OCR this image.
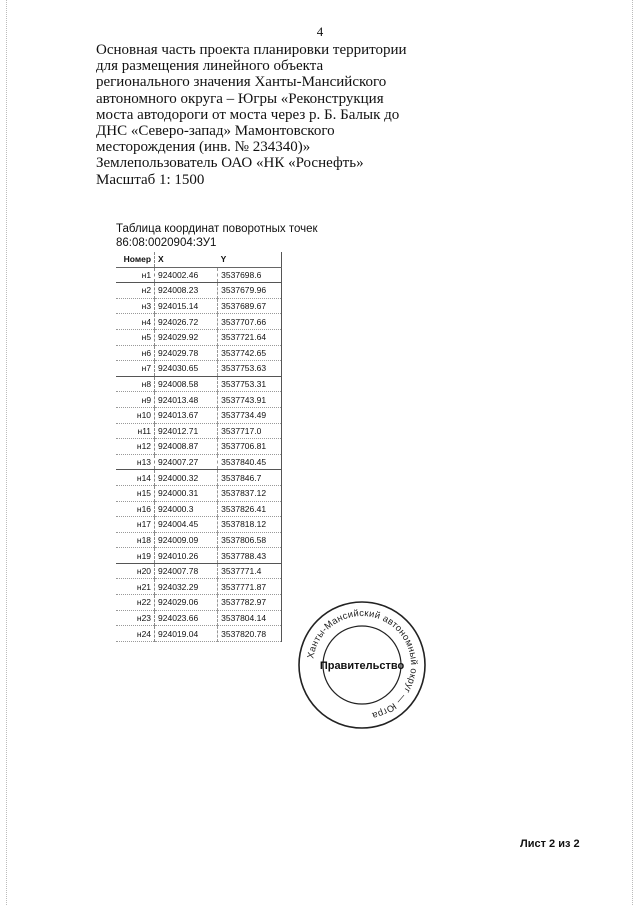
4
Основная часть проекта планировки территории
для размещения линейного объекта
регионального значения Ханты-Мансийского
автономного округа – Югры «Реконструкция
моста автодороги от моста через р. Б. Балык до
ДНС «Северо-запад» Мамонтовского
месторождения (инв. № 234340)»
Землепользователь ОАО «НК «Роснефть»
Масштаб 1: 1500
Таблица координат поворотных точек
86:08:0020904:ЗУ1
Номер	X	Y
н1	924002.46	3537698.6
н2	924008.23	3537679.96
н3	924015.14	3537689.67
н4	924026.72	3537707.66
н5	924029.92	3537721.64
н6	924029.78	3537742.65
н7	924030.65	3537753.63
н8	924008.58	3537753.31
н9	924013.48	3537743.91
н10	924013.67	3537734.49
н11	924012.71	3537717.0
н12	924008.87	3537706.81
н13	924007.27	3537840.45
н14	924000.32	3537846.7
н15	924000.31	3537837.12
н16	924000.3	3537826.41
н17	924004.45	3537818.12
н18	924009.09	3537806.58
н19	924010.26	3537788.43
н20	924007.78	3537771.4
н21	924032.29	3537771.87
н22	924029.06	3537782.97
н23	924023.66	3537804.14
н24	924019.04	3537820.78
Ханты-Мансийский автономный округ — Югра
Правительство
Лист 2 из 2
